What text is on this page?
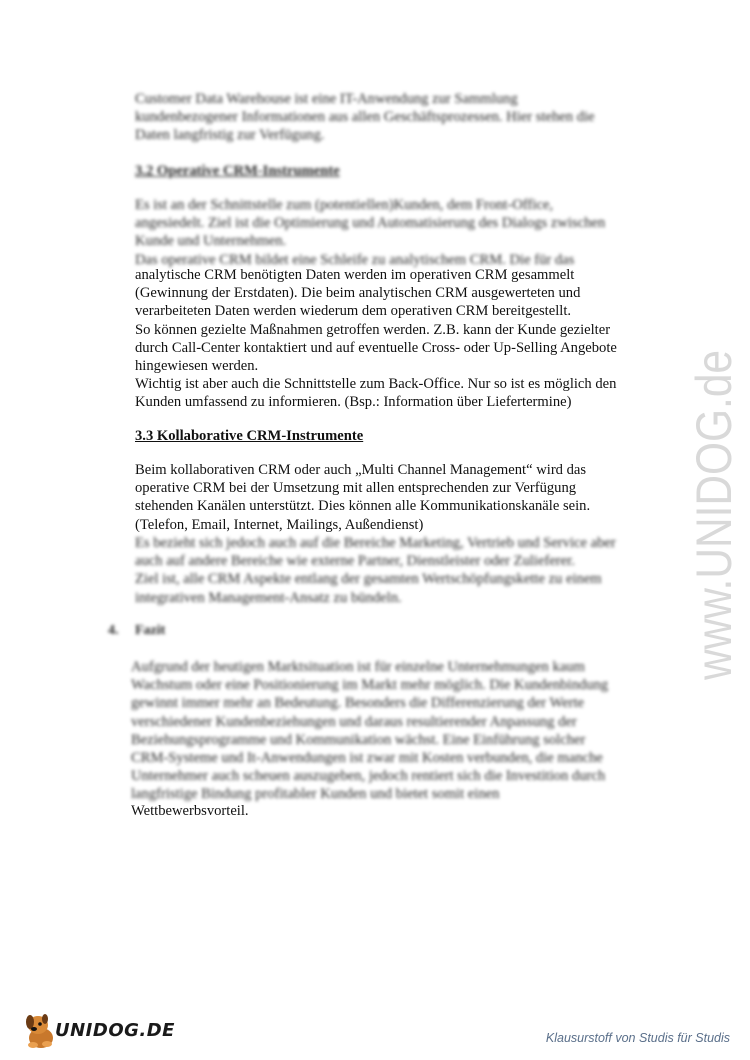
Customer Data Warehouse ist eine IT-Anwendung zur Sammlung
kundenbezogener Informationen aus allen Geschäftsprozessen. Hier stehen die
Daten langfristig zur Verfügung.
3.2 Operative CRM-Instrumente
Es ist an der Schnittstelle zum (potentiellen)Kunden, dem Front-Office,
angesiedelt. Ziel ist die Optimierung und Automatisierung des Dialogs zwischen
Kunde und Unternehmen.
Das operative CRM bildet eine Schleife zu analytischem CRM. Die für das
analytische CRM benötigten Daten werden im operativen CRM gesammelt
(Gewinnung der Erstdaten). Die beim analytischen CRM ausgewerteten und
verarbeiteten Daten werden wiederum dem operativen CRM bereitgestellt.
So können gezielte Maßnahmen getroffen werden. Z.B. kann der Kunde gezielter
durch Call-Center kontaktiert und auf eventuelle Cross- oder Up-Selling Angebote
hingewiesen werden.
Wichtig ist aber auch die Schnittstelle zum Back-Office. Nur so ist es möglich den
Kunden umfassend zu informieren. (Bsp.: Information über Liefertermine)
3.3 Kollaborative CRM-Instrumente
Beim kollaborativen CRM oder auch „Multi Channel Management“ wird das
operative CRM bei der Umsetzung mit allen entsprechenden zur Verfügung
stehenden Kanälen unterstützt. Dies können alle Kommunikationskanäle sein.
(Telefon, Email, Internet, Mailings, Außendienst)
Es bezieht sich jedoch auch auf die Bereiche Marketing, Vertrieb und Service aber
auch auf andere Bereiche wie externe Partner, Dienstleister oder Zulieferer.
Ziel ist, alle CRM Aspekte entlang der gesamten Wertschöpfungskette zu einem
integrativen Management-Ansatz zu bündeln.
4. Fazit
Aufgrund der heutigen Marktsituation ist für einzelne Unternehmungen kaum
Wachstum oder eine Positionierung im Markt mehr möglich. Die Kundenbindung
gewinnt immer mehr an Bedeutung. Besonders die Differenzierung der Werte
verschiedener Kundenbeziehungen und daraus resultierender Anpassung der
Beziehungsprogramme und Kommunikation wächst. Eine Einführung solcher
CRM-Systeme und It-Anwendungen ist zwar mit Kosten verbunden, die manche
Unternehmer auch scheuen auszugeben, jedoch rentiert sich die Investition durch
langfristige Bindung profitabler Kunden und bietet somit einen
Wettbewerbsvorteil.
www.UNIDOG.de
UNIDOG.DE	Klausurstoff von Studis für Studis
